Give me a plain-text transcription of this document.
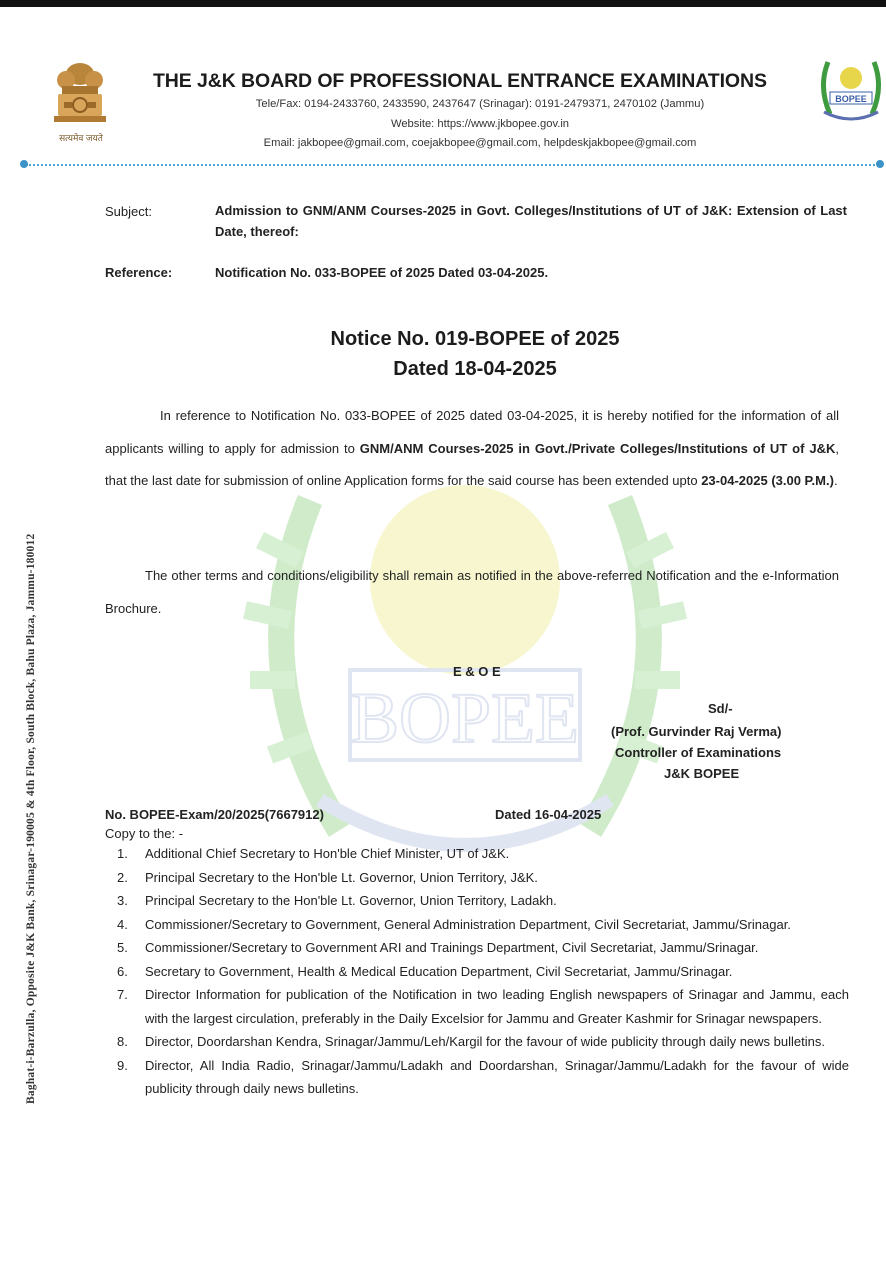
सत्यमेव जयते
BOPEE
THE J&K BOARD OF PROFESSIONAL ENTRANCE EXAMINATIONS
Tele/Fax: 0194-2433760, 2433590, 2437647 (Srinagar): 0191-2479371, 2470102 (Jammu)
Website: https://www.jkbopee.gov.in
Email: jakbopee@gmail.com, coejakbopee@gmail.com, helpdeskjakbopee@gmail.com
BOPEE
Subject:	Admission to GNM/ANM Courses-2025 in Govt. Colleges/Institutions of UT of J&K: Extension of Last Date, thereof:
Reference:	Notification No. 033-BOPEE of 2025 Dated 03-04-2025.
Notice No. 019-BOPEE of 2025
Dated 18-04-2025
In reference to Notification No. 033-BOPEE of 2025 dated 03-04-2025, it is hereby notified for the information of all applicants willing to apply for admission to GNM/ANM Courses-2025 in Govt./Private Colleges/Institutions of UT of J&K, that the last date for submission of online Application forms for the said course has been extended upto 23-04-2025 (3.00 P.M.).
The other terms and conditions/eligibility shall remain as notified in the above-referred Notification and the e-Information Brochure.
E & O E
Sd/-
(Prof. Gurvinder Raj Verma)
Controller of Examinations
J&K BOPEE
No. BOPEE-Exam/20/2025(7667912)	Dated 16-04-2025
Copy to the: -
1. Additional Chief Secretary to Hon'ble Chief Minister, UT of J&K.
2. Principal Secretary to the Hon'ble Lt. Governor, Union Territory, J&K.
3. Principal Secretary to the Hon'ble Lt. Governor, Union Territory, Ladakh.
4. Commissioner/Secretary to Government, General Administration Department, Civil Secretariat, Jammu/Srinagar.
5. Commissioner/Secretary to Government ARI and Trainings Department, Civil Secretariat, Jammu/Srinagar.
6. Secretary to Government, Health & Medical Education Department, Civil Secretariat, Jammu/Srinagar.
7. Director Information for publication of the Notification in two leading English newspapers of Srinagar and Jammu, each with the largest circulation, preferably in the Daily Excelsior for Jammu and Greater Kashmir for Srinagar newspapers.
8. Director, Doordarshan Kendra, Srinagar/Jammu/Leh/Kargil for the favour of wide publicity through daily news bulletins.
9. Director, All India Radio, Srinagar/Jammu/Ladakh and Doordarshan, Srinagar/Jammu/Ladakh for the favour of wide publicity through daily news bulletins.
Baghat-i-Barzulla, Opposite J&K Bank, Srinagar-190005 & 4th Floor, South Block, Bahu Plaza, Jammu-180012
